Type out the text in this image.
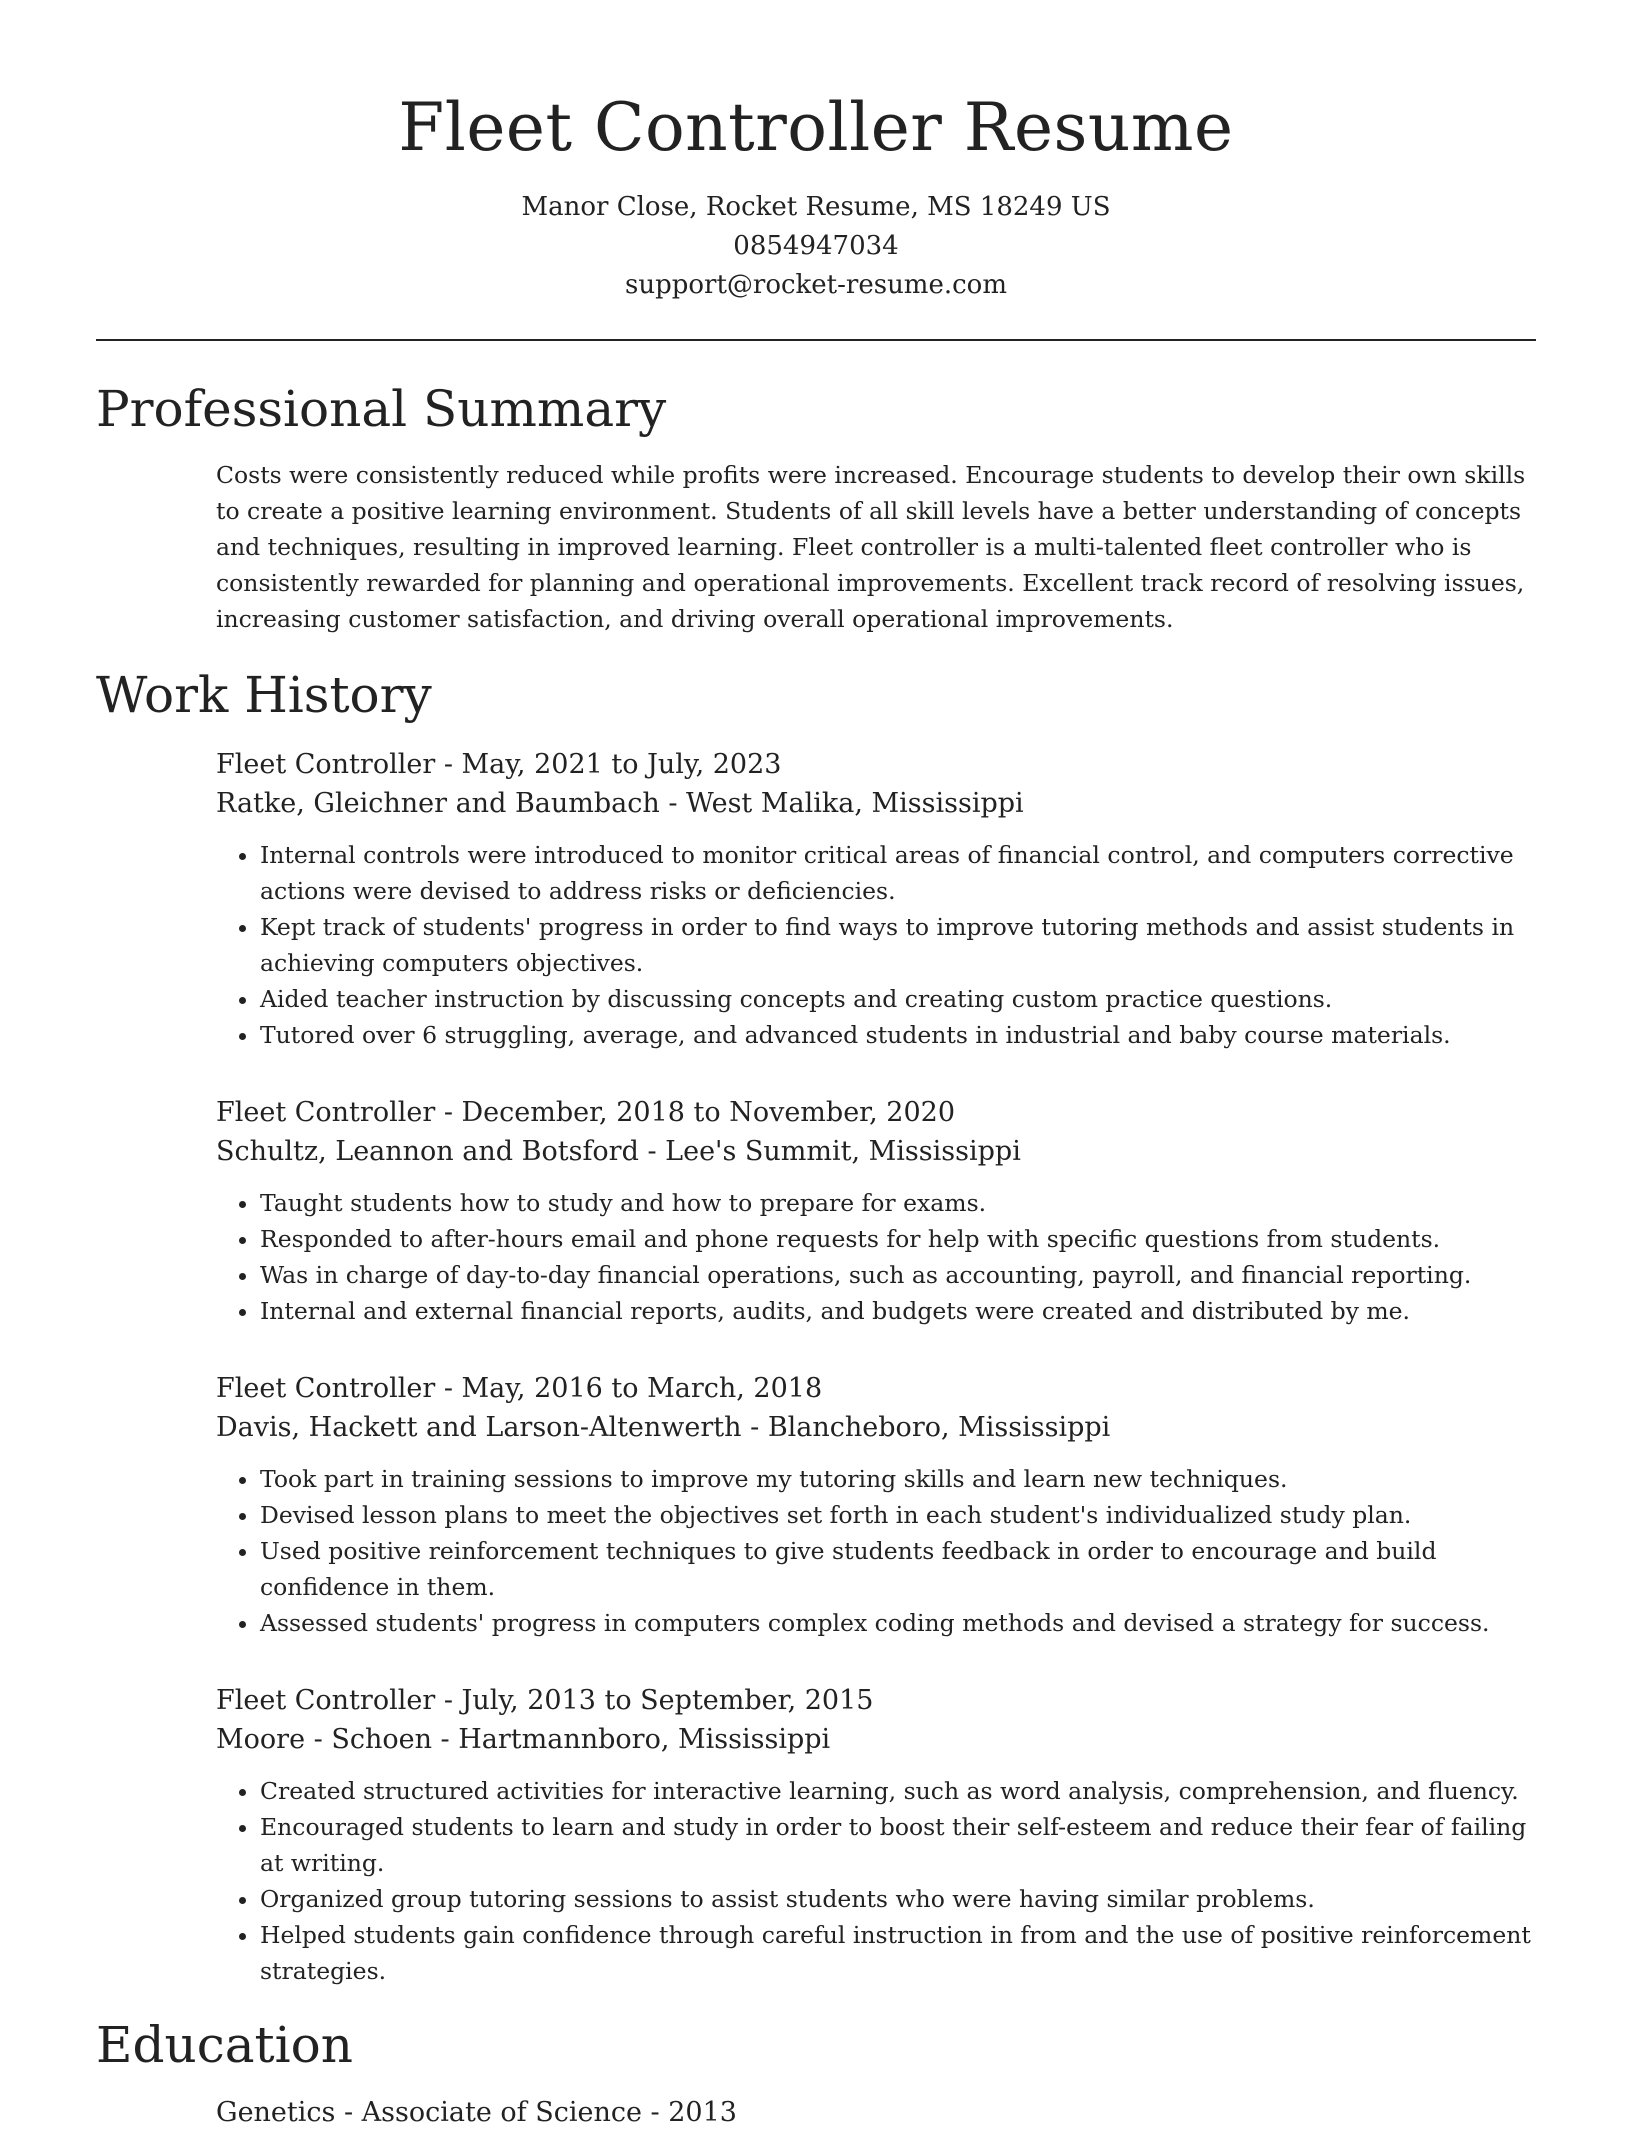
Fleet Controller Resume
Manor Close, Rocket Resume, MS 18249 US
0854947034
support@rocket-resume.com
Professional Summary
Costs were consistently reduced while profits were increased. Encourage students to develop their own skills to create a positive learning environment. Students of all skill levels have a better understanding of concepts and techniques, resulting in improved learning. Fleet controller is a multi-talented fleet controller who is consistently rewarded for planning and operational improvements. Excellent track record of resolving issues, increasing customer satisfaction, and driving overall operational improvements.
Work History
Fleet Controller - May, 2021 to July, 2023
Ratke, Gleichner and Baumbach - West Malika, Mississippi
• Internal controls were introduced to monitor critical areas of financial control, and computers corrective actions were devised to address risks or deficiencies.
• Kept track of students' progress in order to find ways to improve tutoring methods and assist students in achieving computers objectives.
• Aided teacher instruction by discussing concepts and creating custom practice questions.
• Tutored over 6 struggling, average, and advanced students in industrial and baby course materials.
Fleet Controller - December, 2018 to November, 2020
Schultz, Leannon and Botsford - Lee's Summit, Mississippi
• Taught students how to study and how to prepare for exams.
• Responded to after-hours email and phone requests for help with specific questions from students.
• Was in charge of day-to-day financial operations, such as accounting, payroll, and financial reporting.
• Internal and external financial reports, audits, and budgets were created and distributed by me.
Fleet Controller - May, 2016 to March, 2018
Davis, Hackett and Larson-Altenwerth - Blancheboro, Mississippi
• Took part in training sessions to improve my tutoring skills and learn new techniques.
• Devised lesson plans to meet the objectives set forth in each student's individualized study plan.
• Used positive reinforcement techniques to give students feedback in order to encourage and build confidence in them.
• Assessed students' progress in computers complex coding methods and devised a strategy for success.
Fleet Controller - July, 2013 to September, 2015
Moore - Schoen - Hartmannboro, Mississippi
• Created structured activities for interactive learning, such as word analysis, comprehension, and fluency.
• Encouraged students to learn and study in order to boost their self-esteem and reduce their fear of failing at writing.
• Organized group tutoring sessions to assist students who were having similar problems.
• Helped students gain confidence through careful instruction in from and the use of positive reinforcement strategies.
Education
Genetics - Associate of Science - 2013
